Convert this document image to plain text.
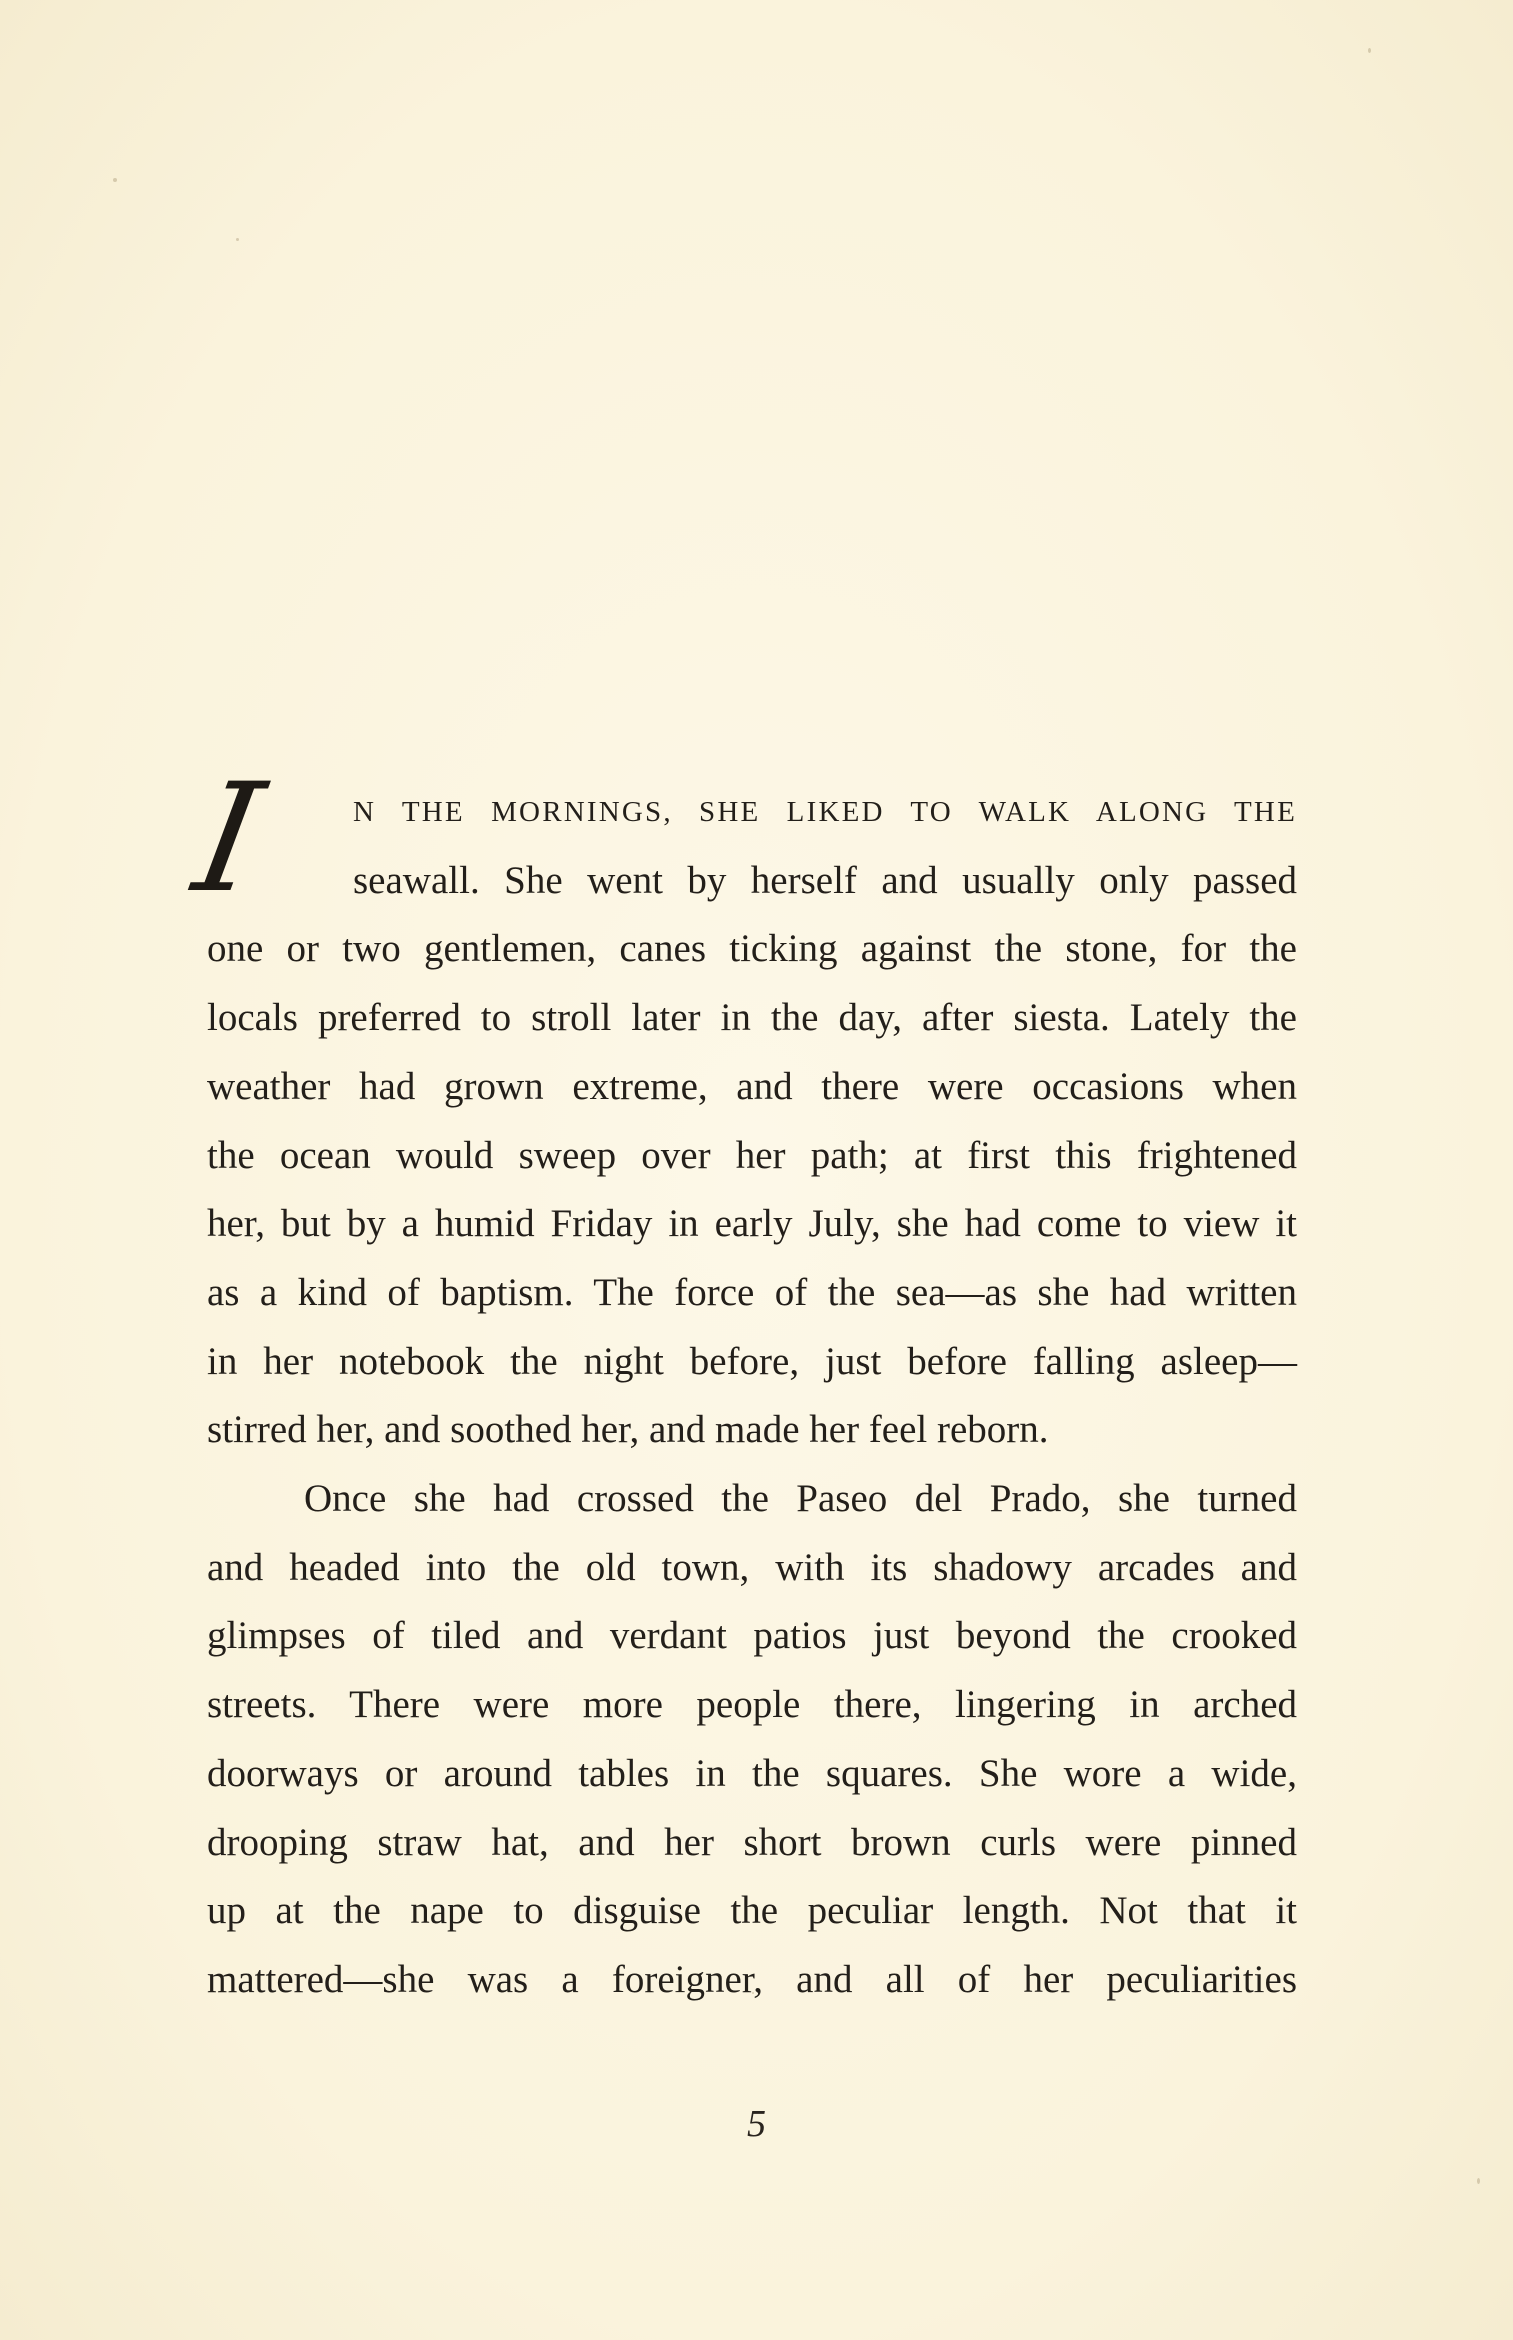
I	N THE MORNINGS, SHE LIKED TO WALK ALONG THE
seawall. She went by herself and usually only passed
one or two gentlemen, canes ticking against the stone, for the
locals preferred to stroll later in the day, after siesta. Lately the
weather had grown extreme, and there were occasions when
the ocean would sweep over her path; at first this frightened
her, but by a humid Friday in early July, she had come to view it
as a kind of baptism. The force of the sea—as she had written
in her notebook the night before, just before falling asleep—
stirred her, and soothed her, and made her feel reborn.
Once she had crossed the Paseo del Prado, she turned
and headed into the old town, with its shadowy arcades and
glimpses of tiled and verdant patios just beyond the crooked
streets. There were more people there, lingering in arched
doorways or around tables in the squares. She wore a wide,
drooping straw hat, and her short brown curls were pinned
up at the nape to disguise the peculiar length. Not that it
mattered—she was a foreigner, and all of her peculiarities
5
